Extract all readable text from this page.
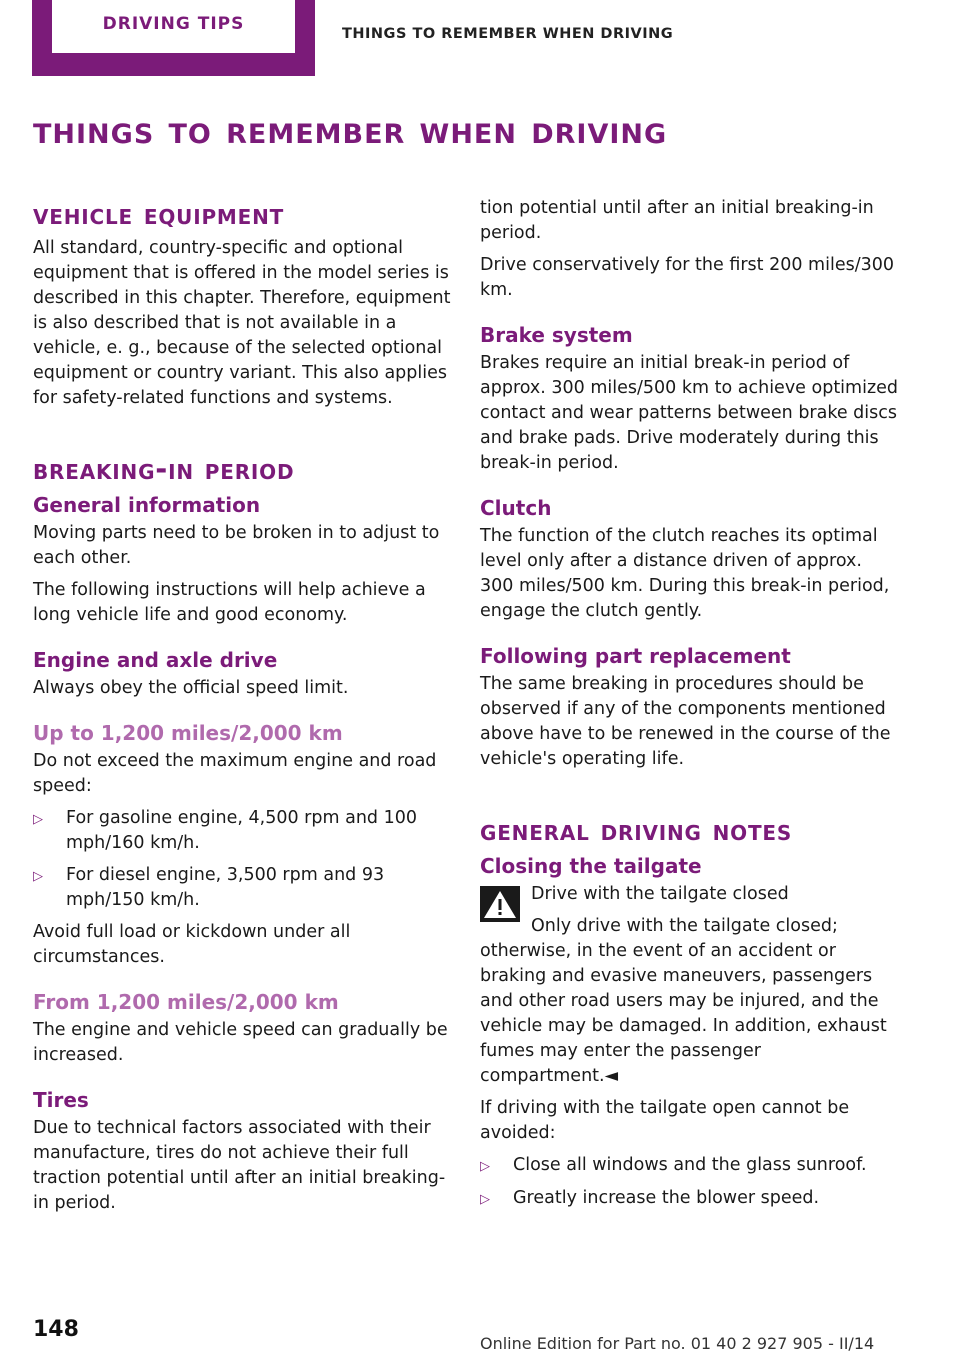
DRIVING TIPS
THINGS TO REMEMBER WHEN DRIVING
things to remember when driving
vehicle equipment

All standard, country-specific and optional equipment that is offered in the model series is described in this chapter. Therefore, equipment is also described that is not available in a vehicle, e. g., because of the selected optional equipment or country variant. This also applies for safety-related functions and systems.

breaking-in period
General information

Moving parts need to be broken in to adjust to each other.

The following instructions will help achieve a long vehicle life and good economy.

Engine and axle drive

Always obey the official speed limit.

Up to 1,200 miles/2,000 km

Do not exceed the maximum engine and road speed:

▷	For gasoline engine, 4,500 rpm and 100 mph/160 km/h.
▷	For diesel engine, 3,500 rpm and 93 mph/150 km/h.

Avoid full load or kickdown under all circumstances.

From 1,200 miles/2,000 km

The engine and vehicle speed can gradually be increased.

Tires

Due to technical factors associated with their manufacture, tires do not achieve their full traction potential until after an initial breaking-in period.

tion potential until after an initial breaking-in period.

Drive conservatively for the first 200 miles/300 km.

Brake system

Brakes require an initial break-in period of approx. 300 miles/500 km to achieve optimized contact and wear patterns between brake discs and brake pads. Drive moderately during this break-in period.

Clutch

The function of the clutch reaches its optimal level only after a distance driven of approx. 300 miles/500 km. During this break-in period, engage the clutch gently.

Following part replacement

The same breaking in procedures should be observed if any of the components mentioned above have to be renewed in the course of the vehicle's operating life.

general driving notes
Closing the tailgate

Drive with the tailgate closed

Only drive with the tailgate closed; otherwise, in the event of an accident or braking and evasive maneuvers, passengers and other road users may be injured, and the vehicle may be damaged. In addition, exhaust fumes may enter the passenger compartment.◄

If driving with the tailgate open cannot be avoided:

▷	Close all windows and the glass sunroof.
▷	Greatly increase the blower speed.
148
Online Edition for Part no. 01 40 2 927 905 - II/14
